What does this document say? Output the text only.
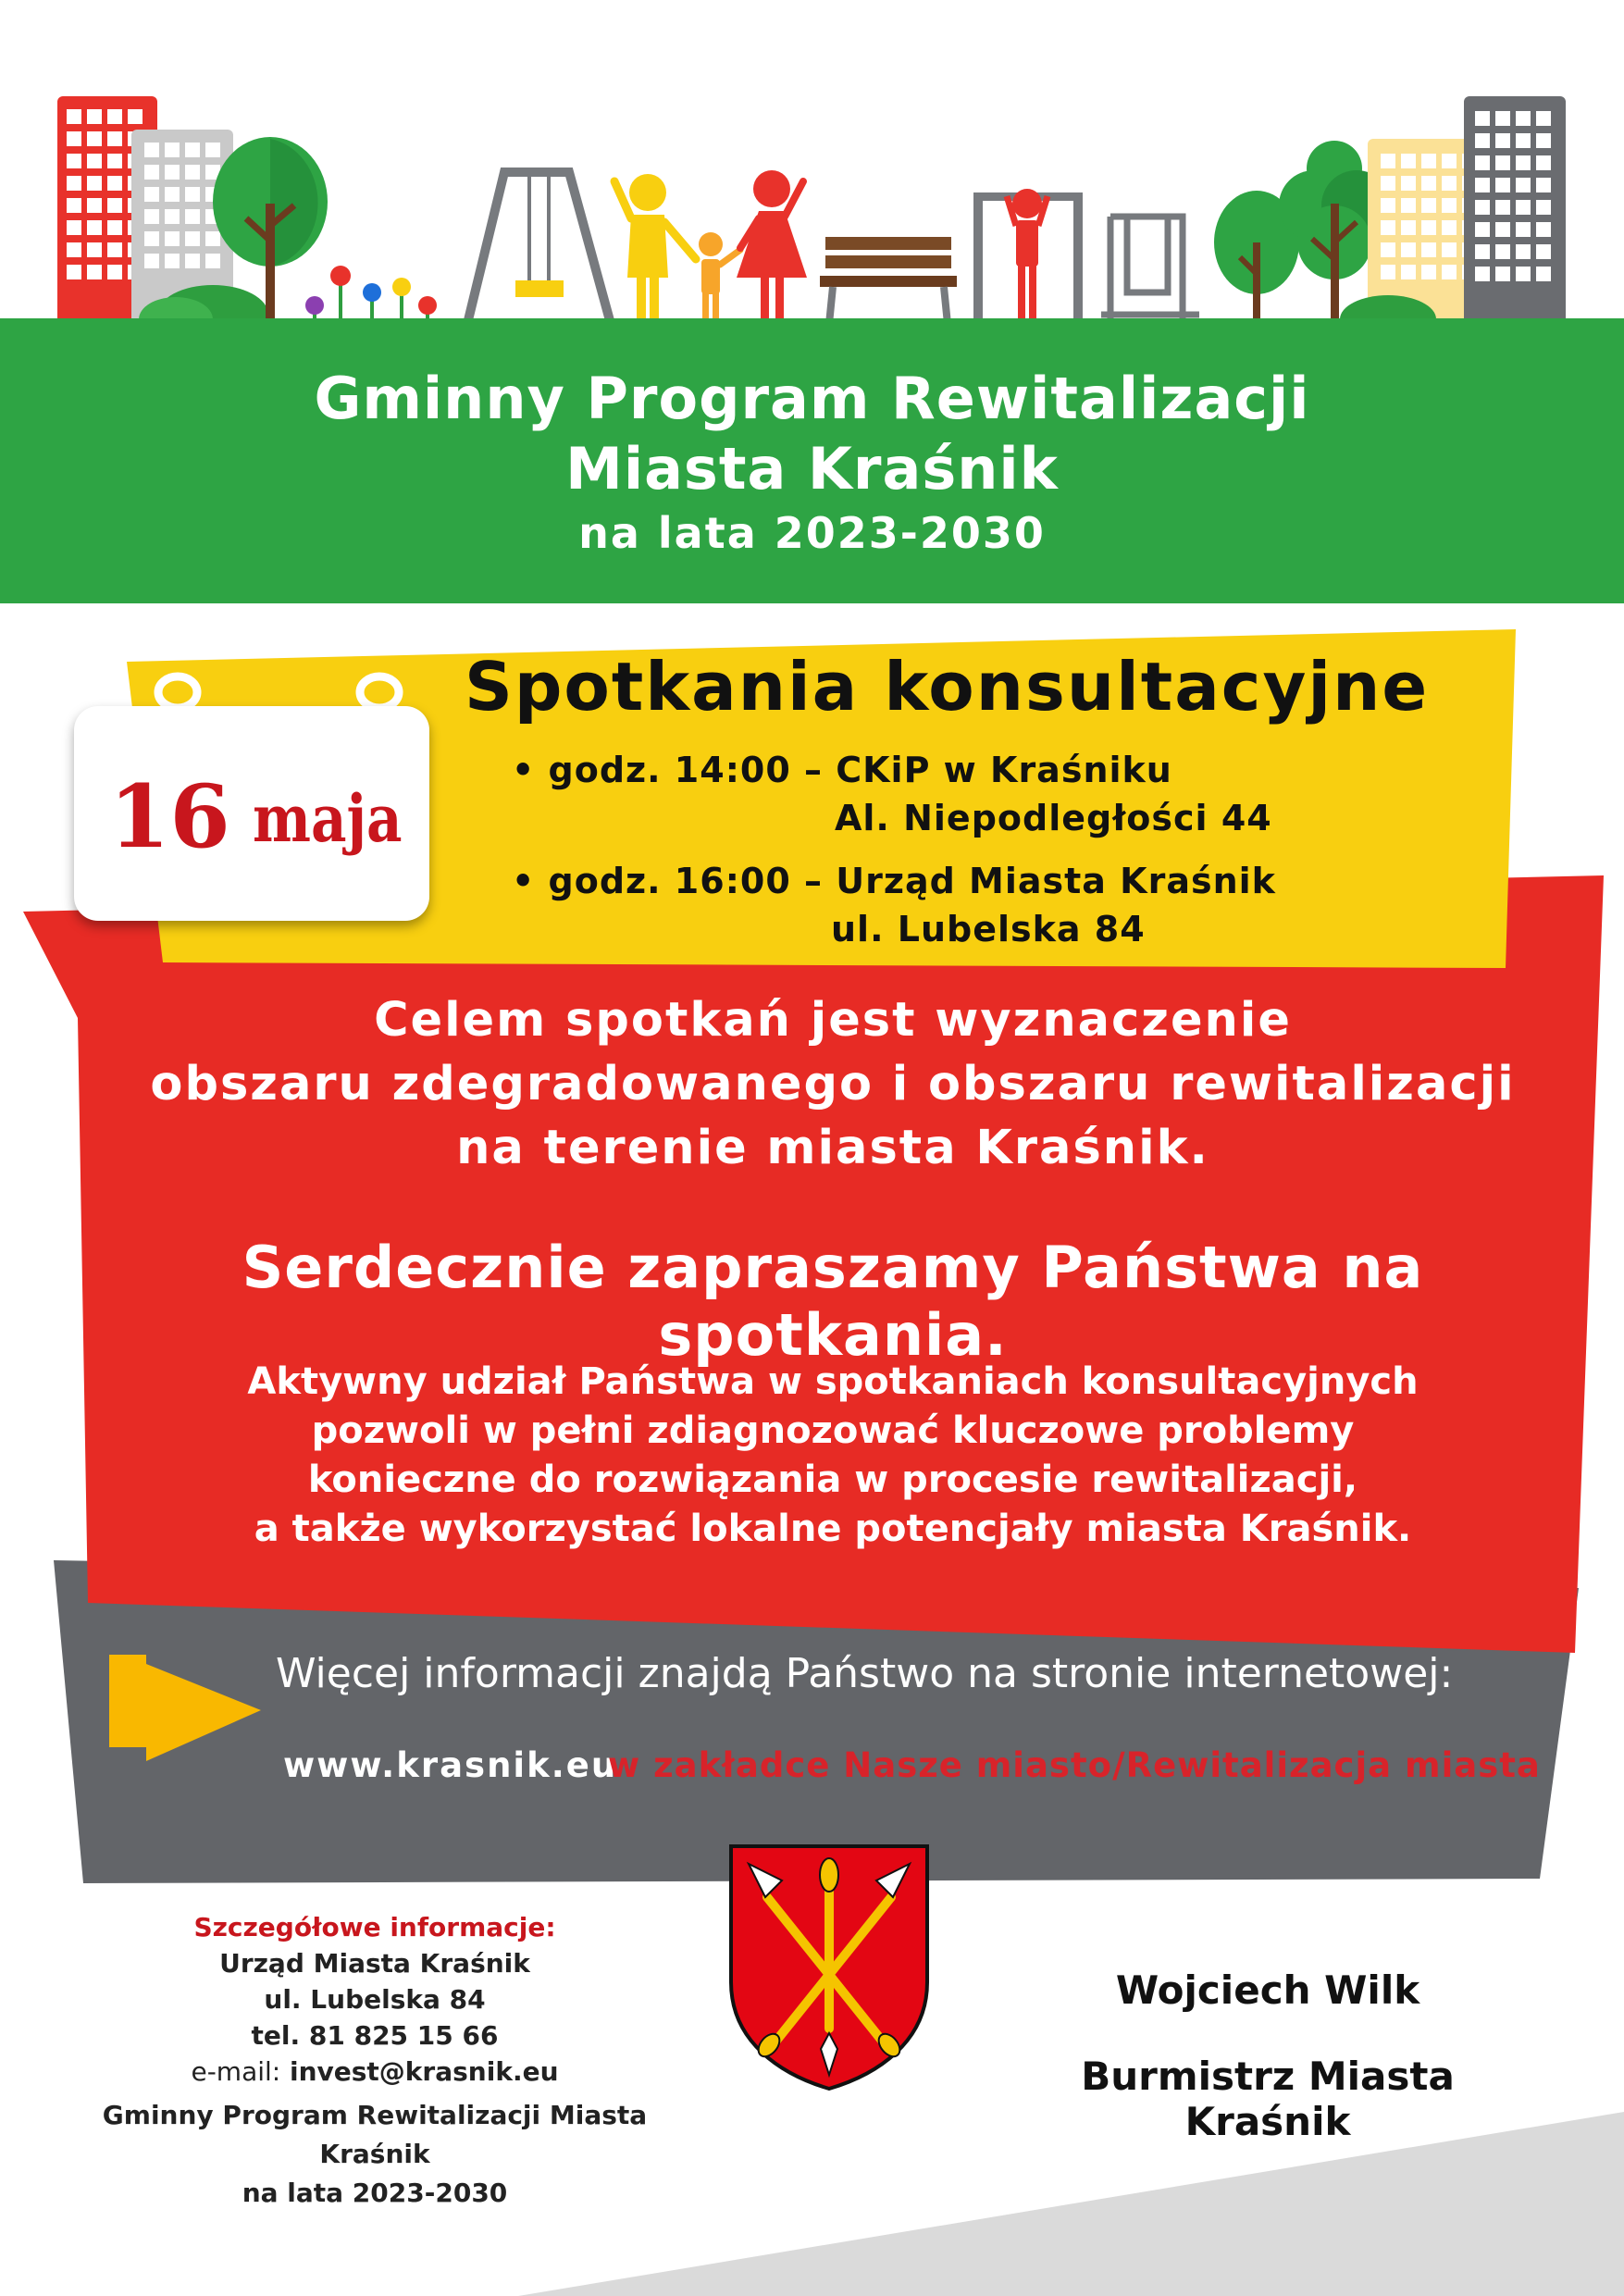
Gminny Program Rewitalizacji
Miasta Kraśnik
na lata 2023-2030
16 maja
Spotkania konsultacyjne
• godz. 14:00 – CKiP w Kraśniku
Al. Niepodległości 44
• godz. 16:00 – Urząd Miasta Kraśnik
ul. Lubelska 84
Celem spotkań jest wyznaczenie
obszaru zdegradowanego i obszaru rewitalizacji
na terenie miasta Kraśnik.
Serdecznie zapraszamy Państwa na spotkania.
Aktywny udział Państwa w spotkaniach konsultacyjnych
pozwoli w pełni zdiagnozować kluczowe problemy
konieczne do rozwiązania w procesie rewitalizacji,
a także wykorzystać lokalne potencjały miasta Kraśnik.
Więcej informacji znajdą Państwo na stronie internetowej:
www.krasnik.eu
w zakładce Nasze miasto/Rewitalizacja miasta
Szczegółowe informacje:
Urząd Miasta Kraśnik
ul. Lubelska 84
tel. 81 825 15 66
e-mail: invest@krasnik.eu
Gminny Program Rewitalizacji Miasta Kraśnik
na lata 2023-2030
Wojciech Wilk
Burmistrz Miasta Kraśnik
